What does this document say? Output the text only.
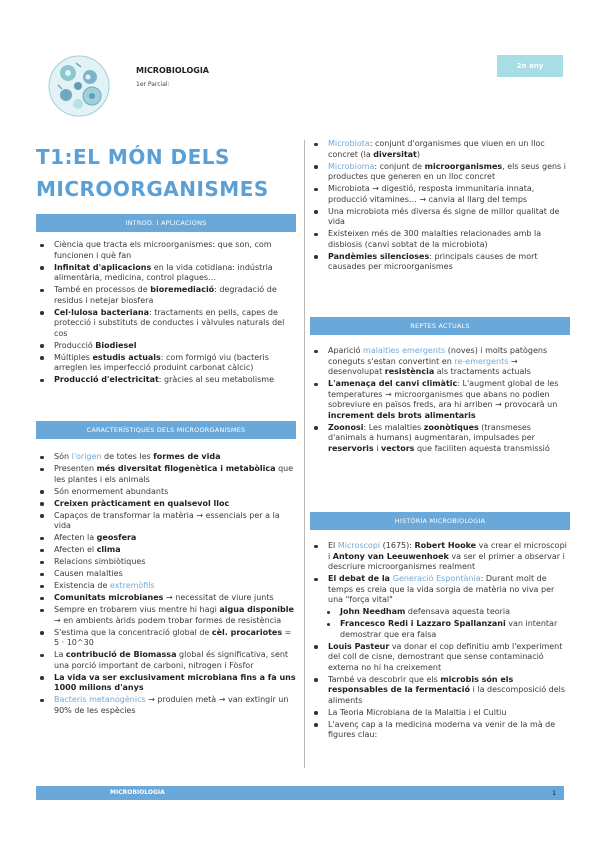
MICROBIOLOGIA
1er Parcial:
2n any
T1:EL MÓN DELS MICROORGANISMES
INTROD. I APLICACIONS
Ciència que tracta els microorganismes: que son, com funcionen i què fan
Infinitat d'aplicacions en la vida cotidiana: indústria alimentària, medicina, control plagues…
També en processos de bioremediació: degradació de residus i netejar biosfera
Cel·lulosa bacteriana: tractaments en pells, capes de protecció i substituts de conductes i vàlvules naturals del cos
Producció Biodiesel
Múltiples estudis actuals: com formigó viu (bacteris arreglen les imperfecció produint carbonat càlcic)
Producció d'electricitat: gràcies al seu metabolisme
CARACTERÍSTIQUES DELS MICROORGANISMES
Són l'origen de totes les formes de vida
Presenten més diversitat filogenètica i metabòlica que les plantes i els animals
Són enormement abundants
Creixen pràcticament en qualsevol lloc
Capaços de transformar la matèria → essencials per a la vida
Afecten la geosfera
Afecten el clima
Relacions simbiòtiques
Causen malalties
Existencia de extremòfils
Comunitats microbianes → necessitat de viure junts
Sempre en trobarem vius mentre hi hagi aigua disponible → en ambients àrids podem trobar formes de resistència
S'estima que la concentració global de cèl. procariotes = 5 · 10^30
La contribució de Biomassa global és significativa, sent una porció important de carboni, nitrogen i Fòsfor
La vida va ser exclusivament microbiana fins a fa uns 1000 milions d'anys
Bacteris metanogènics → produien metà → van extingir un 90% de les espècies
Microbiota: conjunt d'organismes que viuen en un lloc concret (la diversitat)
Microbioma: conjunt de microorganismes, els seus gens i productes que generen en un lloc concret
Microbiota → digestió, resposta immunitaria innata, producció vitamines… → canvia al llarg del temps
Una microbiota més diversa és signe de millor qualitat de vida
Existeixen més de 300 malalties relacionades amb la disbiosis (canvi sobtat de la microbiota)
Pandèmies silencioses: principals causes de mort causades per microorganismes
REPTES ACTUALS
Aparició malalties emergents (noves) i molts patògens coneguts s'estan convertint en re-emergents → desenvolupat resistència als tractaments actuals
L'amenaça del canvi climàtic: L'augment global de les temperatures → microorganismes que abans no podien sobreviure en països freds, ara hi arriben → provocarà un increment dels brots alimentaris
Zoonosi: Les malalties zoonòtiques (transmeses d'animals a humans) augmentaran, impulsades per reservoris i vectors que faciliten aquesta transmissió
HISTÒRIA MICROBIOLOGIA
El Microscopi (1675): Robert Hooke va crear el microscopi i Antony van Leeuwenhoek va ser el primer a observar i descriure microorganismes realment
El debat de la Generació Espontània: Durant molt de temps es creia que la vida sorgia de matèria no viva per una "força vital"
John Needham defensava aquesta teoria
Francesco Redi i Lazzaro Spallanzani van intentar demostrar que era falsa
Louis Pasteur va donar el cop definitiu amb l'experiment del coll de cisne, demostrant que sense contaminació externa no hi ha creixement
També va descobrir que els microbis són els responsables de la fermentació i la descomposició dels aliments
La Teoria Microbiana de la Malaltia i el Cultiu
L'avenç cap a la medicina moderna va venir de la mà de figures clau:
MICROBIOLOGIA	1
